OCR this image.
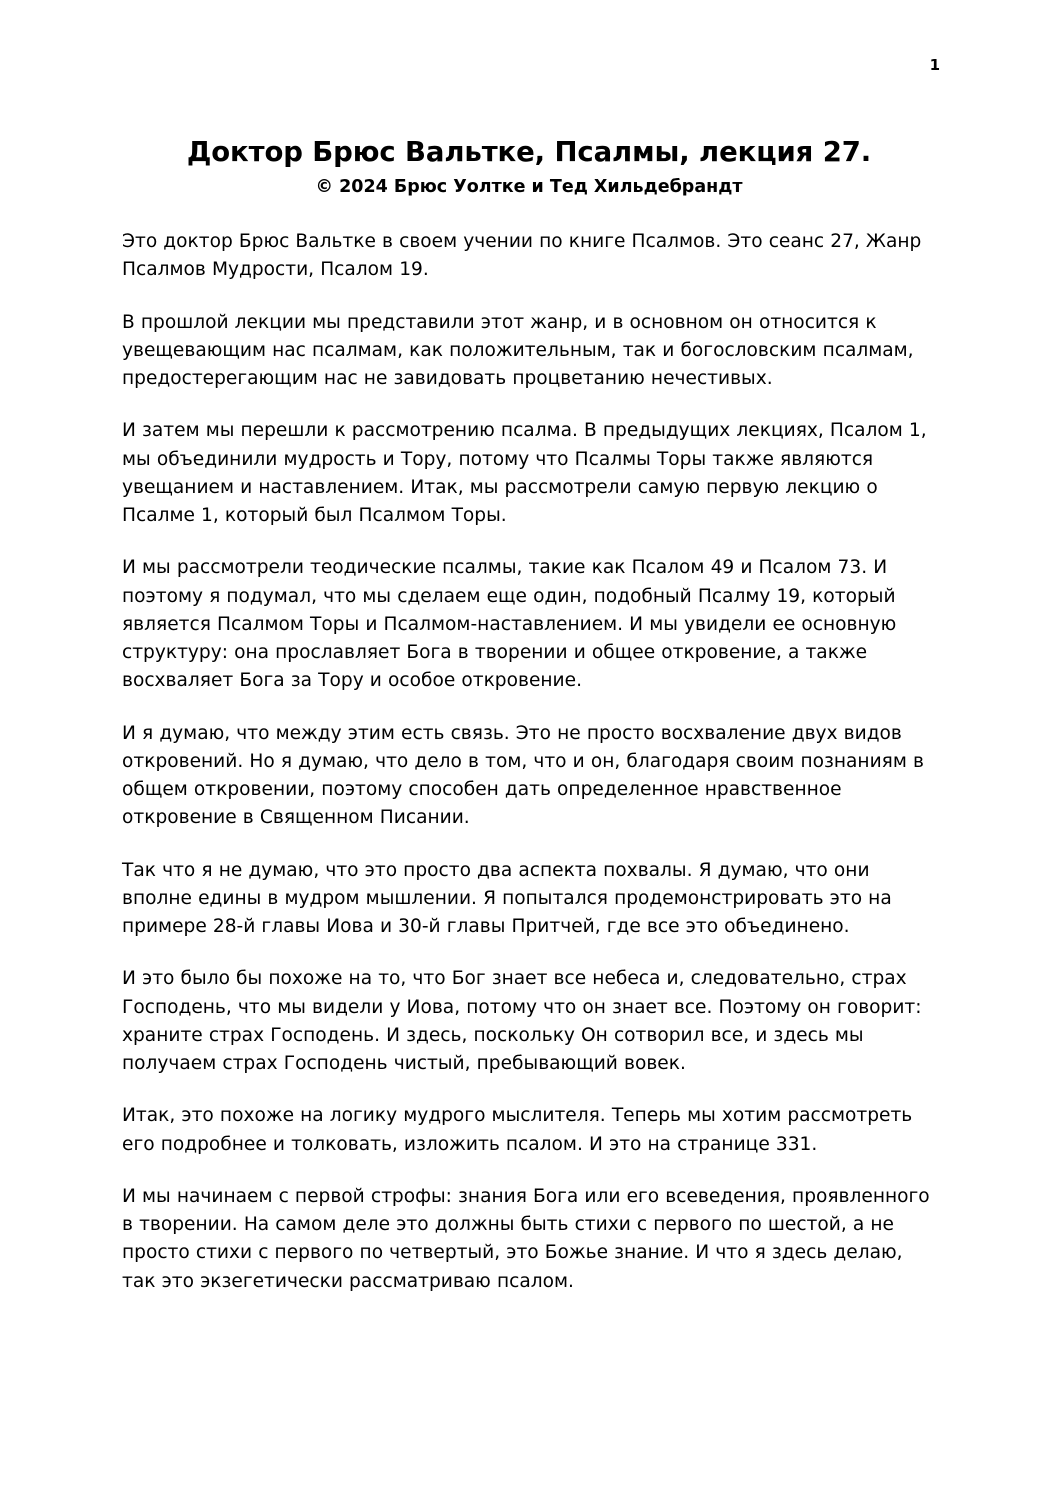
1
Доктор Брюс Вальтке, Псалмы, лекция 27.
© 2024 Брюс Уолтке и Тед Хильдебрандт

Это доктор Брюс Вальтке в своем учении по книге Псалмов. Это сеанс 27, Жанр Псалмов Мудрости, Псалом 19.

В прошлой лекции мы представили этот жанр, и в основном он относится к увещевающим нас псалмам, как положительным, так и богословским псалмам, предостерегающим нас не завидовать процветанию нечестивых.

И затем мы перешли к рассмотрению псалма. В предыдущих лекциях, Псалом 1, мы объединили мудрость и Тору, потому что Псалмы Торы также являются увещанием и наставлением. Итак, мы рассмотрели самую первую лекцию о Псалме 1, который был Псалмом Торы.

И мы рассмотрели теодические псалмы, такие как Псалом 49 и Псалом 73. И поэтому я подумал, что мы сделаем еще один, подобный Псалму 19, который является Псалмом Торы и Псалмом-наставлением. И мы увидели ее основную структуру: она прославляет Бога в творении и общее откровение, а также восхваляет Бога за Тору и особое откровение.

И я думаю, что между этим есть связь. Это не просто восхваление двух видов откровений. Но я думаю, что дело в том, что и он, благодаря своим познаниям в общем откровении, поэтому способен дать определенное нравственное откровение в Священном Писании.

Так что я не думаю, что это просто два аспекта похвалы. Я думаю, что они вполне едины в мудром мышлении. Я попытался продемонстрировать это на примере 28-й главы Иова и 30-й главы Притчей, где все это объединено.

И это было бы похоже на то, что Бог знает все небеса и, следовательно, страх Господень, что мы видели у Иова, потому что он знает все. Поэтому он говорит: храните страх Господень. И здесь, поскольку Он сотворил все, и здесь мы получаем страх Господень чистый, пребывающий вовек.

Итак, это похоже на логику мудрого мыслителя. Теперь мы хотим рассмотреть его подробнее и толковать, изложить псалом. И это на странице 331.

И мы начинаем с первой строфы: знания Бога или его всеведения, проявленного в творении. На самом деле это должны быть стихи с первого по шестой, а не просто стихи с первого по четвертый, это Божье знание. И что я здесь делаю, так это экзегетически рассматриваю псалом.
